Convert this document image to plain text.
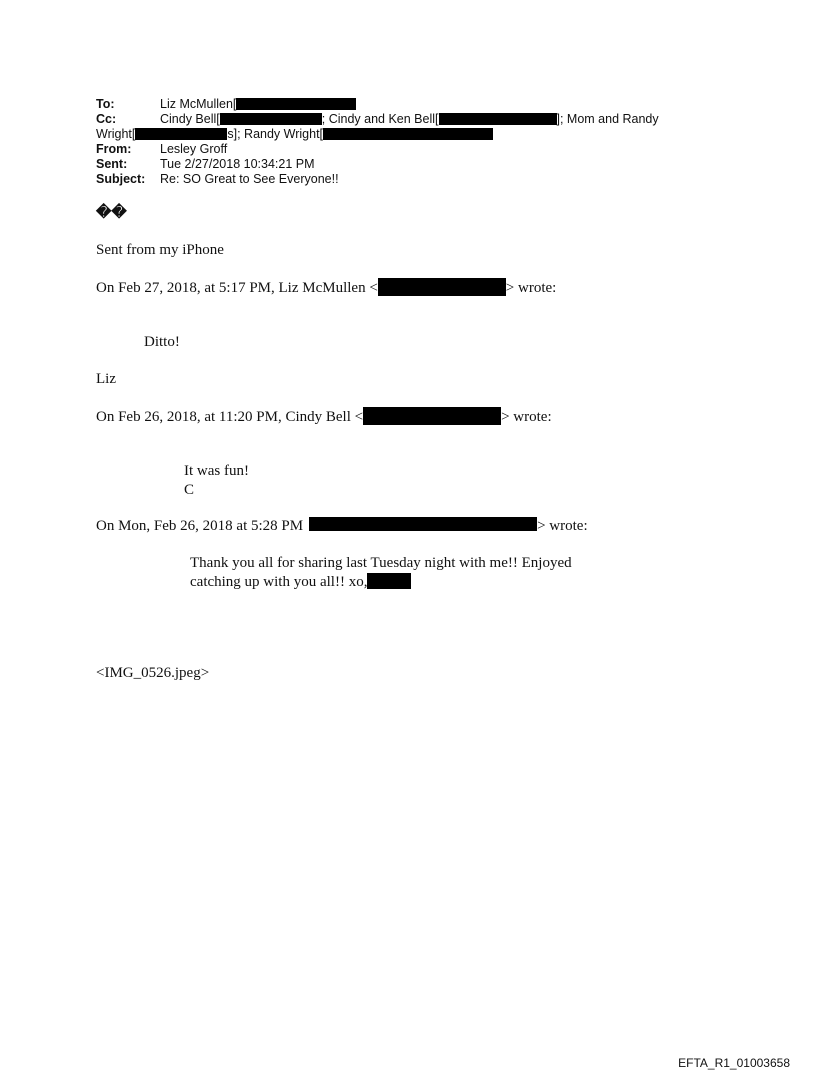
To:	Liz McMullen[
Cc:	Cindy Bell[	; Cindy and Ken Bell[	]; Mom and Randy
Wright[	s]; Randy Wright[
From: Lesley Groff
Sent:	Tue 2/27/2018 10:34:21 PM
Subject: Re: SO Great to See Everyone!!
��
Sent from my iPhone
On Feb 27, 2018, at 5:17 PM, Liz McMullen <	> wrote:
Ditto!
Liz
On Feb 26, 2018, at 11:20 PM, Cindy Bell <	> wrote:
It was fun!
C
On Mon, Feb 26, 2018 at 5:28 PM	> wrote:
Thank you all for sharing last Tuesday night with me!! Enjoyed
catching up with you all!! xo,
<IMG_0526.jpeg>
EFTA_R1_01003658
